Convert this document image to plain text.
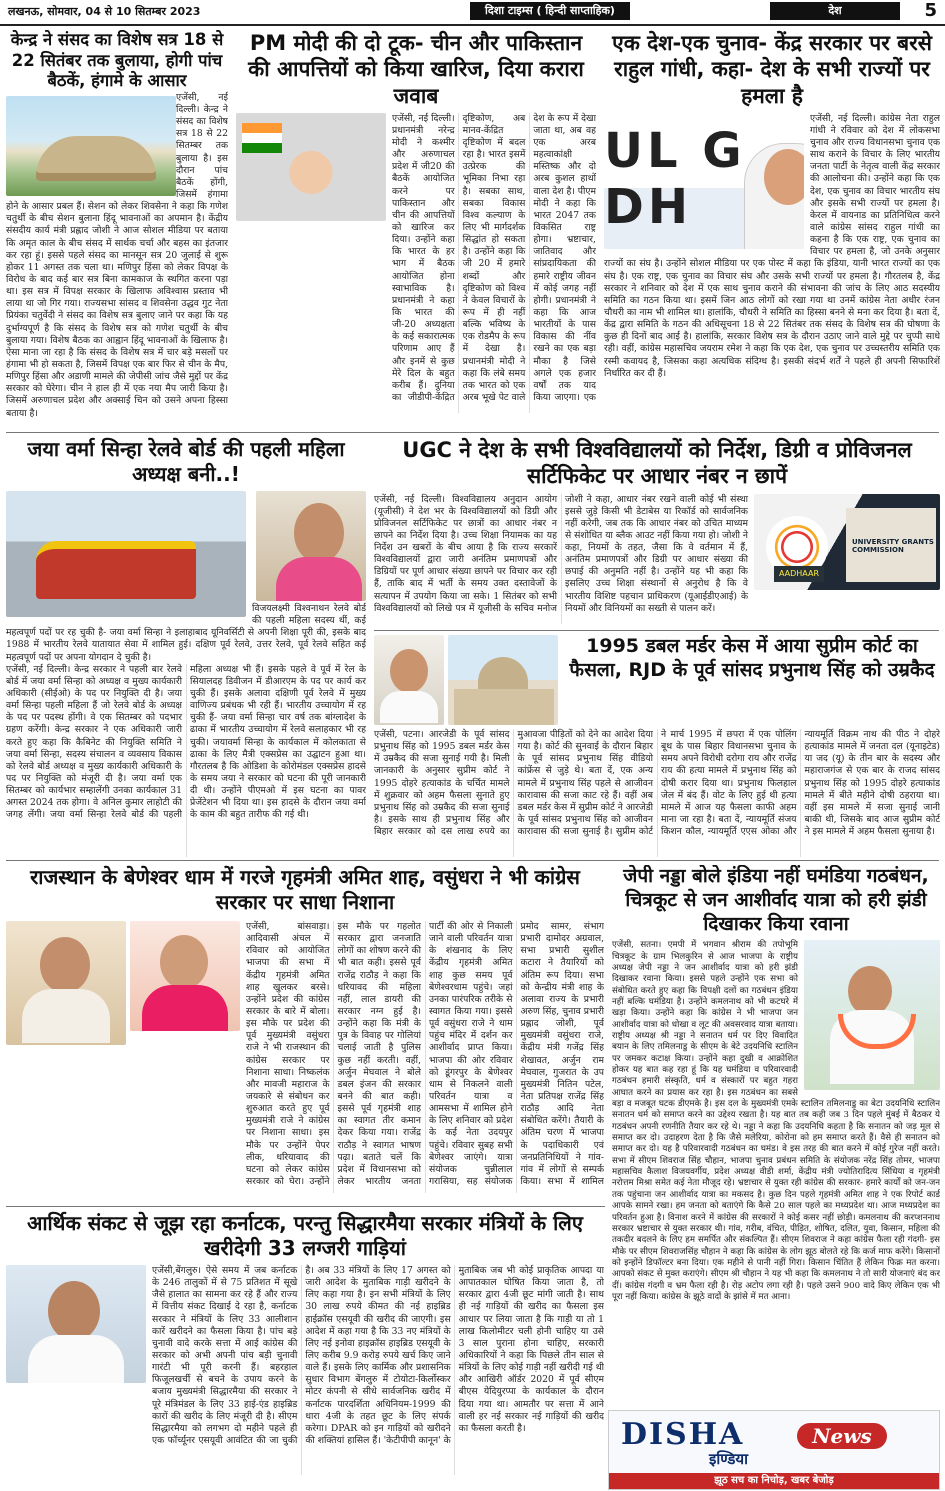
लखनऊ, सोमवार, 04 से 10 सितम्बर 2023	दिशा टाइम्स ( हिन्दी साप्ताहिक)	देश	5
केन्द्र ने संसद का विशेष सत्र 18 से 22 सितंबर तक बुलाया, होगी पांच बैठकें, हंगामे के आसार
एजेंसी, नई दिल्ली। केन्द्र ने संसद का विशेष सत्र 18 से 22 सितम्बर तक बुलाया है। इस दौरान पांच बैठकें होंगी, जिसमें हंगामा होने के आसार प्रबल हैं। सेशन को लेकर शिवसेना ने कहा कि गणेश चतुर्थी के बीच सेशन बुलाना हिंदू भावनाओं का अपमान है। केंद्रीय संसदीय कार्य मंत्री प्रह्लाद जोशी ने आज सोशल मीडिया पर बताया कि अमृत काल के बीच संसद में सार्थक चर्चा और बहस का इंतजार कर रहा हूं। इससे पहले संसद का मानसून सत्र 20 जुलाई से शुरू होकर 11 अगस्त तक चला था। मणिपुर हिंसा को लेकर विपक्ष के विरोध के बाद कई बार सत्र बिना कामकाज के स्थगित करना पड़ा था। इस सत्र में विपक्ष सरकार के खिलाफ अविश्वास प्रस्ताव भी लाया था जो गिर गया। राज्यसभा सांसद व शिवसेना उद्धव गुट नेता प्रियंका चतुर्वेदी ने संसद का विशेष सत्र बुलाए जाने पर कहा कि यह दुर्भाग्यपूर्ण है कि संसद के विशेष सत्र को गणेश चतुर्थी के बीच बुलाया गया। विशेष बैठक का आह्वान हिंदू भावनाओं के खिलाफ है। ऐसा माना जा रहा है कि संसद के विशेष सत्र में चार बड़े मसलों पर हंगामा भी हो सकता है, जिसमें विपक्ष एक बार फिर से चीन के मैप, मणिपुर हिंसा और अडाणी मामले की जेपीसी जांच जैसे मुद्दों पर केंद्र सरकार को घेरेगा। चीन ने हाल ही में एक नया मैप जारी किया है। जिसमें अरुणाचल प्रदेश और अक्साई चिन को उसने अपना हिस्सा बताया है।
PM मोदी की दो टूक- चीन और पाकिस्तान की आपत्तियों को किया खारिज, दिया करारा जवाब
एजेंसी, नई दिल्ली। प्रधानमंत्री नरेन्द्र मोदी ने कश्मीर और अरुणाचल प्रदेश में जी20 की बैठकें आयोजित करने पर पाकिस्तान और चीन की आपत्तियों को खारिज कर दिया। उन्होंने कहा कि भारत के हर भाग में बैठक आयोजित होना स्वाभाविक है। प्रधानमंत्री ने कहा कि भारत की जी-20 अध्यक्षता के कई सकारात्मक परिणाम आए हैं और इनमें से कुछ मेरे दिल के बहुत करीब हैं। दुनिया का जीडीपी-केंद्रित दृष्टिकोण, अब मानव-केंद्रित दृष्टिकोण में बदल रहा है। भारत इसमें उत्प्रेरक की भूमिका निभा रहा है। सबका साथ, सबका विकास विश्व कल्याण के लिए भी मार्गदर्शक सिद्धांत हो सकता है। उन्होंने कहा कि जी 20 में हमारे शब्दों और दृष्टिकोण को विश्व ने केवल विचारों के रूप में ही नहीं बल्कि भविष्य के एक रोडमैप के रूप में देखा है। प्रधानमंत्री मोदी ने कहा कि लंबे समय तक भारत को एक अरब भूखे पेट वाले देश के रूप में देखा जाता था, अब वह एक अरब महत्वाकांक्षी मस्तिष्क और दो अरब कुशल हाथों वाला देश है। पीएम मोदी ने कहा कि भारत 2047 तक विकसित राष्ट्र होगा। भ्रष्टाचार, जातिवाद और सांप्रदायिकता की हमारे राष्ट्रीय जीवन में कोई जगह नहीं होगी। प्रधानमंत्री ने कहा कि आज भारतीयों के पास विकास की नींव रखने का एक बड़ा मौका है जिसे अगले एक हजार वर्षों तक याद किया जाएगा। एक
एक देश-एक चुनाव- केंद्र सरकार पर बरसे राहुल गांधी, कहा- देश के सभी राज्यों पर हमला है
UL G DH
एजेंसी, नई दिल्ली। कांग्रेस नेता राहुल गांधी ने रविवार को देश में लोकसभा चुनाव और राज्य विधानसभा चुनाव एक साथ कराने के विचार के लिए भारतीय जनता पार्टी के नेतृत्व वाली केंद्र सरकार की आलोचना की। उन्होंने कहा कि एक देश, एक चुनाव का विचार भारतीय संघ और इसके सभी राज्यों पर हमला है। केरल में वायनाड का प्रतिनिधित्व करने वाले कांग्रेस सांसद राहुल गांधी का कहना है कि एक राष्ट्र, एक चुनाव का विचार पर हमला है, जो उनके अनुसार राज्यों का संघ है। उन्होंने सोशल मीडिया पर एक पोस्ट में कहा कि इंडिया, यानी भारत राज्यों का एक संघ है। एक राष्ट्र, एक चुनाव का विचार संघ और उसके सभी राज्यों पर हमला है। गौरतलब है, केंद्र सरकार ने शनिवार को देश में एक साथ चुनाव कराने की संभावना की जांच के लिए आठ सदस्यीय समिति का गठन किया था। इसमें जिन आठ लोगों को रखा गया था उनमें कांग्रेस नेता अधीर रंजन चौधरी का नाम भी शामिल था। हालांकि, चौधरी ने समिति का हिस्सा बनने से मना कर दिया है। बता दें, केंद्र द्वारा समिति के गठन की अधिसूचना 18 से 22 सितंबर तक संसद के विशेष सत्र की घोषणा के कुछ ही दिनों बाद आई है। हालांकि, सरकार विशेष सत्र के दौरान उठाए जाने वाले मुद्दे पर चुप्पी साधे रही। वहीं, कांग्रेस महासचिव जयराम रमेश ने कहा कि एक देश, एक चुनाव पर उच्चस्तरीय समिति एक रस्मी कवायद है, जिसका कहा अत्यधिक संदिग्ध है। इसकी संदर्भ शर्तें ने पहले ही अपनी सिफारिशें निर्धारित कर दी हैं।
जया वर्मा सिन्हा रेलवे बोर्ड की पहली महिला अध्यक्ष बनी..!
विजयलक्ष्मी विश्वनाथन रेलवे बोर्ड की पहली महिला सदस्य थीं, कई महत्वपूर्ण पदों पर रह चुकी है- जया वर्मा सिन्हा ने इलाहाबाद यूनिवर्सिटी से अपनी शिक्षा पूरी की, इसके बाद 1988 में भारतीय रेलवे यातायात सेवा में शामिल हुई। दक्षिण पूर्व रेलवे, उत्तर रेलवे, पूर्व रेलवे सहित कई महत्वपूर्ण पदों पर अपना योगदान दे चुकी है।
एजेंसी, नई दिल्ली। केन्द्र सरकार ने पहली बार रेलवे बोर्ड में जया वर्मा सिन्हा को अध्यक्ष व मुख्य कार्यकारी अधिकारी (सीईओ) के पद पर नियुक्ति दी है। जया वर्मा सिन्हा पहली महिला हैं जो रेलवे बोर्ड के अध्यक्ष के पद पर पदस्थ होंगी। वे एक सितम्बर को पदभार ग्रहण करेंगी। केन्द्र सरकार ने एक अधिकारी जारी करते हुए कहा कि कैबिनेट की नियुक्ति समिति ने जया वर्मा सिन्हा, सदस्य संचालन व व्यवसाय विकास को रेलवे बोर्ड अध्यक्ष व मुख्य कार्यकारी अधिकारी के पद पर नियुक्ति को मंजूरी दी है। जया वर्मा एक सितम्बर को कार्यभार सम्हालेंगी उनका कार्यकाल 31 अगस्त 2024 तक होगा। वे अनिल कुमार लाहोटी की जगह लेंगी। जया वर्मा सिन्हा रेलवे बोर्ड की पहली महिला अध्यक्ष भी हैं। इसके पहले वे पूर्व में रेल के सियालदह डिवीजन में डीआरएम के पद पर कार्य कर चुकी हैं। इसके अलावा दक्षिणी पूर्व रेलवे में मुख्य वाणिज्य प्रबंधक भी रही हैं। भारतीय उच्चायोग में रह चुकी हैं- जया वर्मा सिन्हा चार वर्ष तक बांग्लादेश के ढाका में भारतीय उच्चायोग में रेलवे सलाहकार भी रह चुकी। जयावर्मा सिन्हा के कार्यकाल में कोलकाता से ढाका के लिए मैत्री एक्सप्रेस का उद्घाटन हुआ था। गौरतलब है कि ओडिशा के कोरोमंडल एक्सप्रेस हादसे के समय जया ने सरकार को घटना की पूरी जानकारी दी थी। उन्होंने पीएमओ में इस घटना का पावर प्रेजेंटेशन भी दिया था। इस हादसे के दौरान जया वर्मा के काम की बहुत तारीफ की गई थी।
UGC ने देश के सभी विश्वविद्यालयों को निर्देश, डिग्री व प्रोविजनल सर्टिफिकेट पर आधार नंबर न छापें
AADHAAR
UNIVERSITY GRANTS COMMISSION
एजेंसी, नई दिल्ली। विश्वविद्यालय अनुदान आयोग (यूजीसी) ने देश भर के विश्वविद्यालयों को डिग्री और प्रोविजनल सर्टिफिकेट पर छात्रों का आधार नंबर न छापने का निर्देश दिया है। उच्च शिक्षा नियामक का यह निर्देश उन खबरों के बीच आया है कि राज्य सरकारें विश्वविद्यालयों द्वारा जारी अनंतिम प्रमाणपत्रों और डिग्रियों पर पूर्ण आधार संख्या छापने पर विचार कर रही हैं, ताकि बाद में भर्ती के समय उक्त दस्तावेजों के सत्यापन में उपयोग किया जा सके। 1 सितंबर को सभी विश्वविद्यालयों को लिखे पत्र में यूजीसी के सचिव मनोज जोशी ने कहा, आधार नंबर रखने वाली कोई भी संस्था इससे जुड़े किसी भी डेटाबेस या रिकॉर्ड को सार्वजनिक नहीं करेगी, जब तक कि आधार नंबर को उचित माध्यम से संशोधित या ब्लैक आउट नहीं किया गया हो। जोशी ने कहा, नियमों के तहत, जैसा कि वे वर्तमान में हैं, अनंतिम प्रमाणपत्रों और डिग्री पर आधार संख्या की छपाई की अनुमति नहीं है। उन्होंने यह भी कहा कि इसलिए उच्च शिक्षा संस्थानों से अनुरोध है कि वे भारतीय विशिष्ट पहचान प्राधिकरण (यूआईडीएआई) के नियमों और विनियमों का सख्ती से पालन करें।
1995 डबल मर्डर केस में आया सुप्रीम कोर्ट का फैसला, RJD के पूर्व सांसद प्रभुनाथ सिंह को उम्रकैद
एजेंसी, पटना। आरजेडी के पूर्व सांसद प्रभुनाथ सिंह को 1995 डबल मर्डर केस में उम्रकैद की सजा सुनाई गयी है। मिली जानकारी के अनुसार सुप्रीम कोर्ट ने 1995 दोहरे हत्याकांड के चर्चित मामले में शुक्रवार को अहम फैसला सुनाते हुए प्रभुनाथ सिंह को उम्रकैद की सजा सुनाई है। इसके साथ ही प्रभुनाथ सिंह और बिहार सरकार को दस लाख रुपये का मुआवजा पीड़ितों को देने का आदेश दिया गया है। कोर्ट की सुनवाई के दौरान बिहार के पूर्व सांसद प्रभुनाथ सिंह वीडियो कांफ्रेंस से जुड़े थे। बता दें, एक अन्य मामले में प्रभुनाथ सिंह पहले से आजीवन कारावास की सजा काट रहे हैं। वहीं अब डबल मर्डर केस में सुप्रीम कोर्ट ने आरजेडी के पूर्व सांसद प्रभुनाथ सिंह को आजीवन कारावास की सजा सुनाई है। सुप्रीम कोर्ट ने मार्च 1995 में छपरा में एक पोलिंग बूथ के पास बिहार विधानसभा चुनाव के समय अपने विरोधी दरोगा राय और राजेंद्र राय की हत्या मामले में प्रभुनाथ सिंह को दोषी करार दिया था। प्रभुनाथ फिलहाल जेल में बंद हैं। वोट के लिए हुई थी हत्या मामले में आज यह फैसला काफी अहम माना जा रहा है। बता दें, न्यायमूर्ति संजय किशन कौल, न्यायमूर्ति एएस ओका और न्यायमूर्ति विक्रम नाथ की पीठ ने दोहरे हत्याकांड मामले में जनता दल (यूनाइटेड) या जद (यू) के तीन बार के सदस्य और महाराजगंज से एक बार के राजद सांसद प्रभुनाथ सिंह को 1995 दोहरे हत्याकांड मामले में बीते महीने दोषी ठहराया था। वहीं इस मामले में सजा सुनाई जानी बाकी थी, जिसके बाद आज सुप्रीम कोर्ट ने इस मामले में अहम फैसला सुनाया है।
राजस्थान के बेणेश्वर धाम में गरजे गृहमंत्री अमित शाह, वसुंधरा ने भी कांग्रेस सरकार पर साधा निशाना
एजेंसी, बांसवाड़ा। आदिवासी अंचल में रविवार को आयोजित भाजपा की सभा में केंद्रीय गृहमंत्री अमित शाह खुलकर बरसे। उन्होंने प्रदेश की कांग्रेस सरकार के बारे में बोला। इस मौके पर प्रदेश की पूर्व मुख्यमंत्री वसुंधरा राजे ने भी राजस्थान की कांग्रेस सरकार पर निशाना साधा। निष्कलंक और मावजी महाराज के जयकारे से संबोधन कर शुरुआत करते हुए पूर्व मुख्यमंत्री राजे ने कांग्रेस पर निशाना साधा। इस मौके पर उन्होंने पेपर लीक, धरियावाद की घटना को लेकर कांग्रेस सरकार को घेरा। उन्होंने इस मौके पर गहलोत सरकार द्वारा जनजाति लोगों का शोषण करने की भी बात कही। इससे पूर्व राजेंद्र राठौड़ ने कहा कि धरियावद की महिला नहीं, लाल डायरी की सरकार नग्न हुई है। उन्होंने कहा कि मंत्री के पुत्र के विवाह पर गोलियां चलाई जाती है पुलिस कुछ नहीं करती। वहीं, अर्जुन मेघवाल ने बोले डबल इंजन की सरकार बनने की बात कही। इससे पूर्व गृहमंत्री शाह का स्वागत तीर कमान देकर किया गया। राजेंद्र राठौड़ ने स्वागत भाषण पढ़ा। बताते चलें कि प्रदेश में विधानसभा को लेकर भारतीय जनता पार्टी की ओर से निकाली जाने वाली परिवर्तन यात्रा के शंखनाद के लिए केंद्रीय गृहमंत्री अमित शाह कुछ समय पूर्व बेणेश्वरधाम पहुंचे। जहां उनका पारंपरिक तरीके से स्वागत किया गया। इससे पूर्व वसुंधरा राजे ने धाम पहुंच मंदिर में दर्शन कर आशीर्वाद प्राप्त किया। भाजपा की ओर रविवार को डूंगरपुर के बेणेश्वर धाम से निकलने वाली परिवर्तन यात्रा व आमसभा में शामिल होने के लिए शनिवार को प्रदेश के कई नेता उदयपुर पहुंचे। रविवार सुबह सभी बेणेश्वर जाएंगे। यात्रा संयोजक चुन्नीलाल गरासिया, सह संयोजक प्रमोद सामर, संभाग प्रभारी दामोदर अग्रवाल, सभा प्रभारी सुशील कटारा ने तैयारियों को अंतिम रूप दिया। सभा को केन्द्रीय मंत्री शाह के अलावा राज्य के प्रभारी अरुण सिंह, चुनाव प्रभारी प्रह्लाद जोशी, पूर्व मुख्यमंत्री वसुंधरा राजे, केंद्रीय मंत्री गजेंद्र सिंह शेखावत, अर्जुन राम मेघवाल, गुजरात के उप मुख्यमंत्री नितिन पटेल, नेता प्रतिपक्ष राजेंद्र सिंह राठौड़ आदि नेता संबोधित करेंगे। तैयारी के अंतिम चरण में भाजपा के पदाधिकारी एवं जनप्रतिनिधियों ने गांव-गांव में लोगों से सम्पर्क किया। सभा में शामिल
जेपी नड्डा बोले इंडिया नहीं घमंडिया गठबंधन, चित्रकूट से जन आशीर्वाद यात्रा को हरी झंडी दिखाकर किया रवाना
एजेंसी, सतना। एमपी में भगवान श्रीराम की तपोभूमि चित्रकूट के ग्राम भिलकुरिन से आज भाजपा के राष्ट्रीय अध्यक्ष जेपी नड्डा ने जन आशीर्वाद यात्रा को हरी झंडी दिखाकर रवाना किया। इससे पहले उन्होंने एक सभा को संबोधित करते हुए कहा कि विपक्षी दलों का गठबंधन इंडिया नहीं बल्कि घमंडिया है। उन्होंने कमलनाथ को भी कटघरे में खड़ा किया। उन्होंने कहा कि कांग्रेस ने भी भाजपा जन आशीर्वाद यात्रा को धोखा व लूट की अवसरवाद यात्रा बताया। राष्ट्रीय अध्यक्ष श्री नड्डा ने सनातन धर्म पर दिए विवादित बयान के लिए तमिलनाडु के सीएम के बेटे उदयनिधि स्टालिन पर जमकर कटाक्ष किया। उन्होंने कहा दुखी व आक्रोशित होकर यह बात कह रहा हूं कि यह घमंडिया व परिवारवादी गठबंधन हमारी संस्कृति, धर्म व संस्कारों पर बहुत गहरा आघात करने का प्रयास कर रहा है। इस गठबंधन का सबसे बड़ा व मजबूत घटक डीएमके है। इस दल के मुख्यमंत्री एमके स्टालिन तमिलनाडु का बेटा उदयनिधि स्टालिन सनातन धर्म को समाप्त करने का उद्देश्य रखता है। यह बात तब कही जब 3 दिन पहले मुंबई में बैठकर ये गठबंधन अपनी रणनीति तैयार कर रहे थे। नड्डा ने कहा कि उदयनिधि कहता है कि सनातन को जड़ मूल से समाप्त कर दो। उदाहरण देता है कि जैसे मलेरिया, कोरोना को हम समाप्त करते हैं। वैसे ही सनातन को समाप्त कर दो। यह है परिवारवादी गठबंधन का घमंड। वे इस तरह की बात करने में कोई गुरेज नहीं करते। सभा में सीएम शिवराज सिंह चौहान, भाजपा चुनाव प्रबंधन समिति के संयोजक नरेंद्र सिंह तोमर, भाजपा महासचिव कैलाश विजयवर्गीय, प्रदेश अध्यक्ष वीडी शर्मा, केंद्रीय मंत्री ज्योतिरादित्य सिंधिया व गृहमंत्री नरोत्तम मिश्रा समेत कई नेता मौजूद रहे। भ्रष्टाचार से युक्त रही कांग्रेस की सरकार- हमारे कार्यों को जन-जन तक पहुंचाना जन आशीर्वाद यात्रा का मकसद है। कुछ दिन पहले गृहमंत्री अमित शाह ने एक रिपोर्ट कार्ड आपके सामने रखा। हम जनता को बताएंगे कि कैसे 20 साल पहले का मध्यप्रदेश था। आज मध्यप्रदेश का परिवर्तन हुआ है। विनाश करने में कांग्रेस की सरकारों ने कोई कसर नहीं छोड़ी। कमलनाथ की करप्शननाथ सरकार भ्रष्टाचार से युक्त सरकार थी। गांव, गरीब, वंचित, पीड़ित, शोषित, दलित, युवा, किसान, महिला की तकदीर बदलने के लिए हम समर्पित और संकल्पित हैं। सीएम शिवराज ने कहा कांग्रेस फैला रही गंदगी- इस मौके पर सीएम शिवराजसिंह चौहान ने कहा कि कांग्रेस के लोग झूठ बोलते रहे कि कर्ज माफ करेंगे। किसानों को इन्होंने डिफॉल्टर बना दिया। एक महीने से पानी नहीं गिरा। किसान चिंतित हैं लेकिन फिक्र मत करना। आपको संकट से मुक्त कराएंगे। सीएम श्री चौहान ने यह भी कहा कि कमलनाथ ने तो सारी योजनाएं बंद कर दीं। कांग्रेस गंदगी व भ्रम फैला रही है। रोड़ अटोप लगा रही है। पहले उसने 900 वादे किए लेकिन एक भी पूरा नहीं किया। कांग्रेस के झूठे वादों के झांसे में मत आना।
आर्थिक संकट से जूझ रहा कर्नाटक, परन्तु सिद्धारमैया सरकार मंत्रियों के लिए खरीदेगी 33 लग्जरी गाड़ियां
एजेंसी,बेंगलुरु। ऐसे समय में जब कर्नाटक के 246 तालुकों में से 75 प्रतिशत में सूखे जैसे हालात का सामना कर रहे हैं और राज्य में वित्तीय संकट दिखाई दे रहा है, कर्नाटक सरकार ने मंत्रियों के लिए 33 आलीशान कारें खरीदने का फैसला किया है। पांच बड़े चुनावी वादे करके सत्ता में आई कांग्रेस की सरकार को अभी अपनी पांच बड़ी चुनावी गारंटी भी पूरी करनी हैं। बहरहाल फिजूलखर्ची से बचने के उपाय करने के बजाय मुख्यमंत्री सिद्धारमैया की सरकार ने पूरे मंत्रिमंडल के लिए 33 हाई-एंड हाइब्रिड कारों की खरीद के लिए मंजूरी दी है। सीएम सिद्धारमैया को लगभग दो महीने पहले ही एक फॉर्च्यूनर एसयूवी आवंटित की जा चुकी है। अब 33 मंत्रियों के लिए 17 अगस्त को जारी आदेश के मुताबिक गाड़ी खरीदने के लिए कहा गया है। इन सभी मंत्रियों के लिए 30 लाख रुपये कीमत की नई हाइब्रिड हाईक्रॉस एसयूवी की खरीद की जाएगी। इस आदेश में कहा गया है कि 33 नए मंत्रियों के लिए नई इनोवा हाइक्रॉस हाइब्रिड एसयूवी के लिए करीब 9.9 करोड़ रुपये खर्च किए जाने वाले हैं। इसके लिए कार्मिक और प्रशासनिक सुधार विभाग बेंगलुरु में टोयोटा-किर्लोस्कर मोटर कंपनी से सीधे सार्वजनिक खरीद में कर्नाटक पारदर्शिता अधिनियम-1999 की धारा 4जी के तहत छूट के लिए संपर्क करेगा। DPAR को इन गाड़ियों को खरीदने की शक्तियां हासिल हैं। 'केटीपीपी कानून' के मुताबिक जब भी कोई प्राकृतिक आपदा या आपातकाल घोषित किया जाता है, तो सरकार द्वारा 4जी छूट मांगी जाती है। साथ ही नई गाड़ियों की खरीद का फैसला इस आधार पर लिया जाता है कि गाड़ी या तो 1 लाख किलोमीटर चली होनी चाहिए या उसे 3 साल पुराना होना चाहिए, सरकारी अधिकारियों ने कहा कि पिछले तीन साल से मंत्रियों के लिए कोई गाड़ी नहीं खरीदी गई थी और आखिरी ऑर्डर 2020 में पूर्व सीएम बीएस येदियुरप्पा के कार्यकाल के दौरान दिया गया था। आमतौर पर सत्ता में आने वाली हर नई सरकार नई गाड़ियों की खरीद का फैसला करती है।	DISHA	News
इण्डिया
झूठ सच का निचोड़, खबर बेजोड़
